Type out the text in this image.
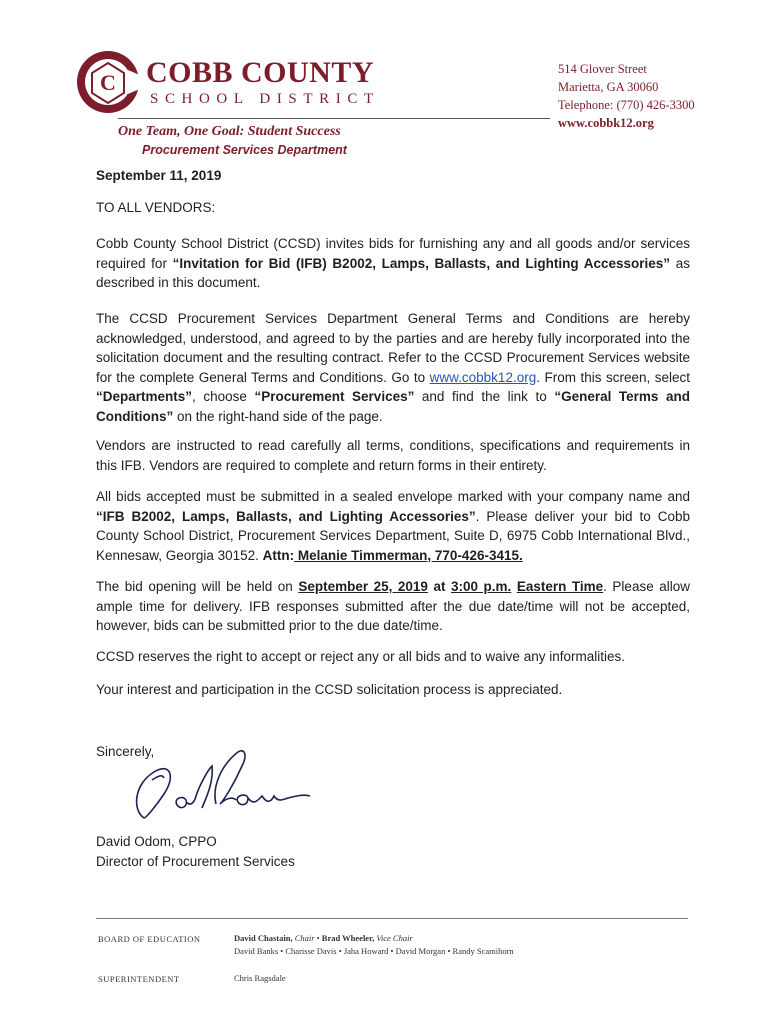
C COBB COUNTY
SCHOOL DISTRICT
One Team, One Goal: Student Success
Procurement Services Department
514 Glover Street
Marietta, GA 30060
Telephone: (770) 426-3300
www.cobbk12.org
September 11, 2019
TO ALL VENDORS:

Cobb County School District (CCSD) invites bids for furnishing any and all goods and/or services required for “Invitation for Bid (IFB) B2002, Lamps, Ballasts, and Lighting Accessories” as described in this document.

The CCSD Procurement Services Department General Terms and Conditions are hereby acknowledged, understood, and agreed to by the parties and are hereby fully incorporated into the solicitation document and the resulting contract. Refer to the CCSD Procurement Services website for the complete General Terms and Conditions. Go to www.cobbk12.org. From this screen, select “Departments”, choose “Procurement Services” and find the link to “General Terms and Conditions” on the right-hand side of the page.

Vendors are instructed to read carefully all terms, conditions, specifications and requirements in this IFB. Vendors are required to complete and return forms in their entirety.

All bids accepted must be submitted in a sealed envelope marked with your company name and “IFB B2002, Lamps, Ballasts, and Lighting Accessories”. Please deliver your bid to Cobb County School District, Procurement Services Department, Suite D, 6975 Cobb International Blvd., Kennesaw, Georgia 30152. Attn: Melanie Timmerman, 770-426-3415.

The bid opening will be held on September 25, 2019 at 3:00 p.m. Eastern Time. Please allow ample time for delivery. IFB responses submitted after the due date/time will not be accepted, however, bids can be submitted prior to the due date/time.

CCSD reserves the right to accept or reject any or all bids and to waive any informalities.

Your interest and participation in the CCSD solicitation process is appreciated.

Sincerely,
David Odom, CPPO
Director of Procurement Services
BOARD OF EDUCATION	David Chastain, Chair • Brad Wheeler, Vice Chair
David Banks • Charisse Davis • Jaha Howard • David Morgan • Randy Scamihorn
SUPERINTENDENT	Chris Ragsdale
